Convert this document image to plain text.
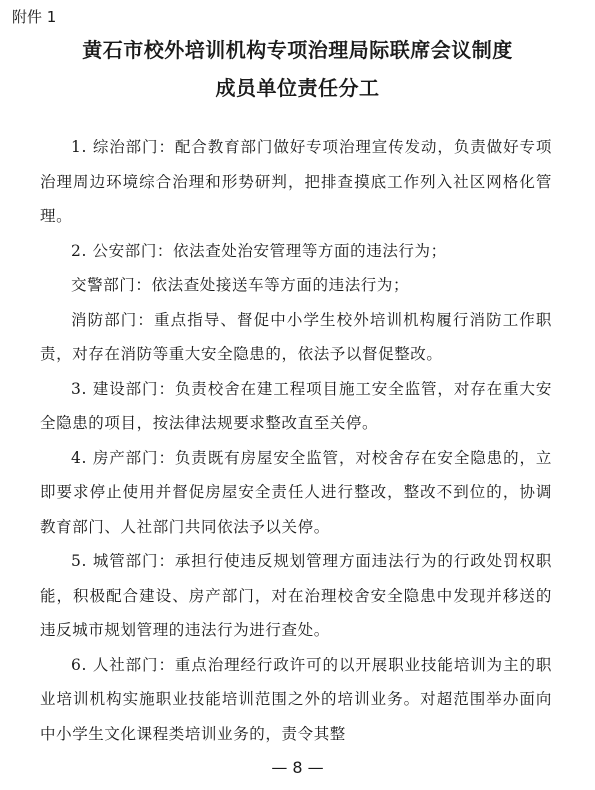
附件 1
黄石市校外培训机构专项治理局际联席会议制度
成员单位责任分工

1. 综治部门：配合教育部门做好专项治理宣传发动，负责做好专项治理周边环境综合治理和形势研判，把排查摸底工作列入社区网格化管理。

2. 公安部门：依法查处治安管理等方面的违法行为；

交警部门：依法查处接送车等方面的违法行为；

消防部门：重点指导、督促中小学生校外培训机构履行消防工作职责，对存在消防等重大安全隐患的，依法予以督促整改。

3. 建设部门：负责校舍在建工程项目施工安全监管，对存在重大安全隐患的项目，按法律法规要求整改直至关停。

4. 房产部门：负责既有房屋安全监管，对校舍存在安全隐患的，立即要求停止使用并督促房屋安全责任人进行整改，整改不到位的，协调教育部门、人社部门共同依法予以关停。

5. 城管部门：承担行使违反规划管理方面违法行为的行政处罚权职能，积极配合建设、房产部门，对在治理校舍安全隐患中发现并移送的违反城市规划管理的违法行为进行查处。

6. 人社部门：重点治理经行政许可的以开展职业技能培训为主的职业培训机构实施职业技能培训范围之外的培训业务。对超范围举办面向中小学生文化课程类培训业务的，责令其整

— 8 —
